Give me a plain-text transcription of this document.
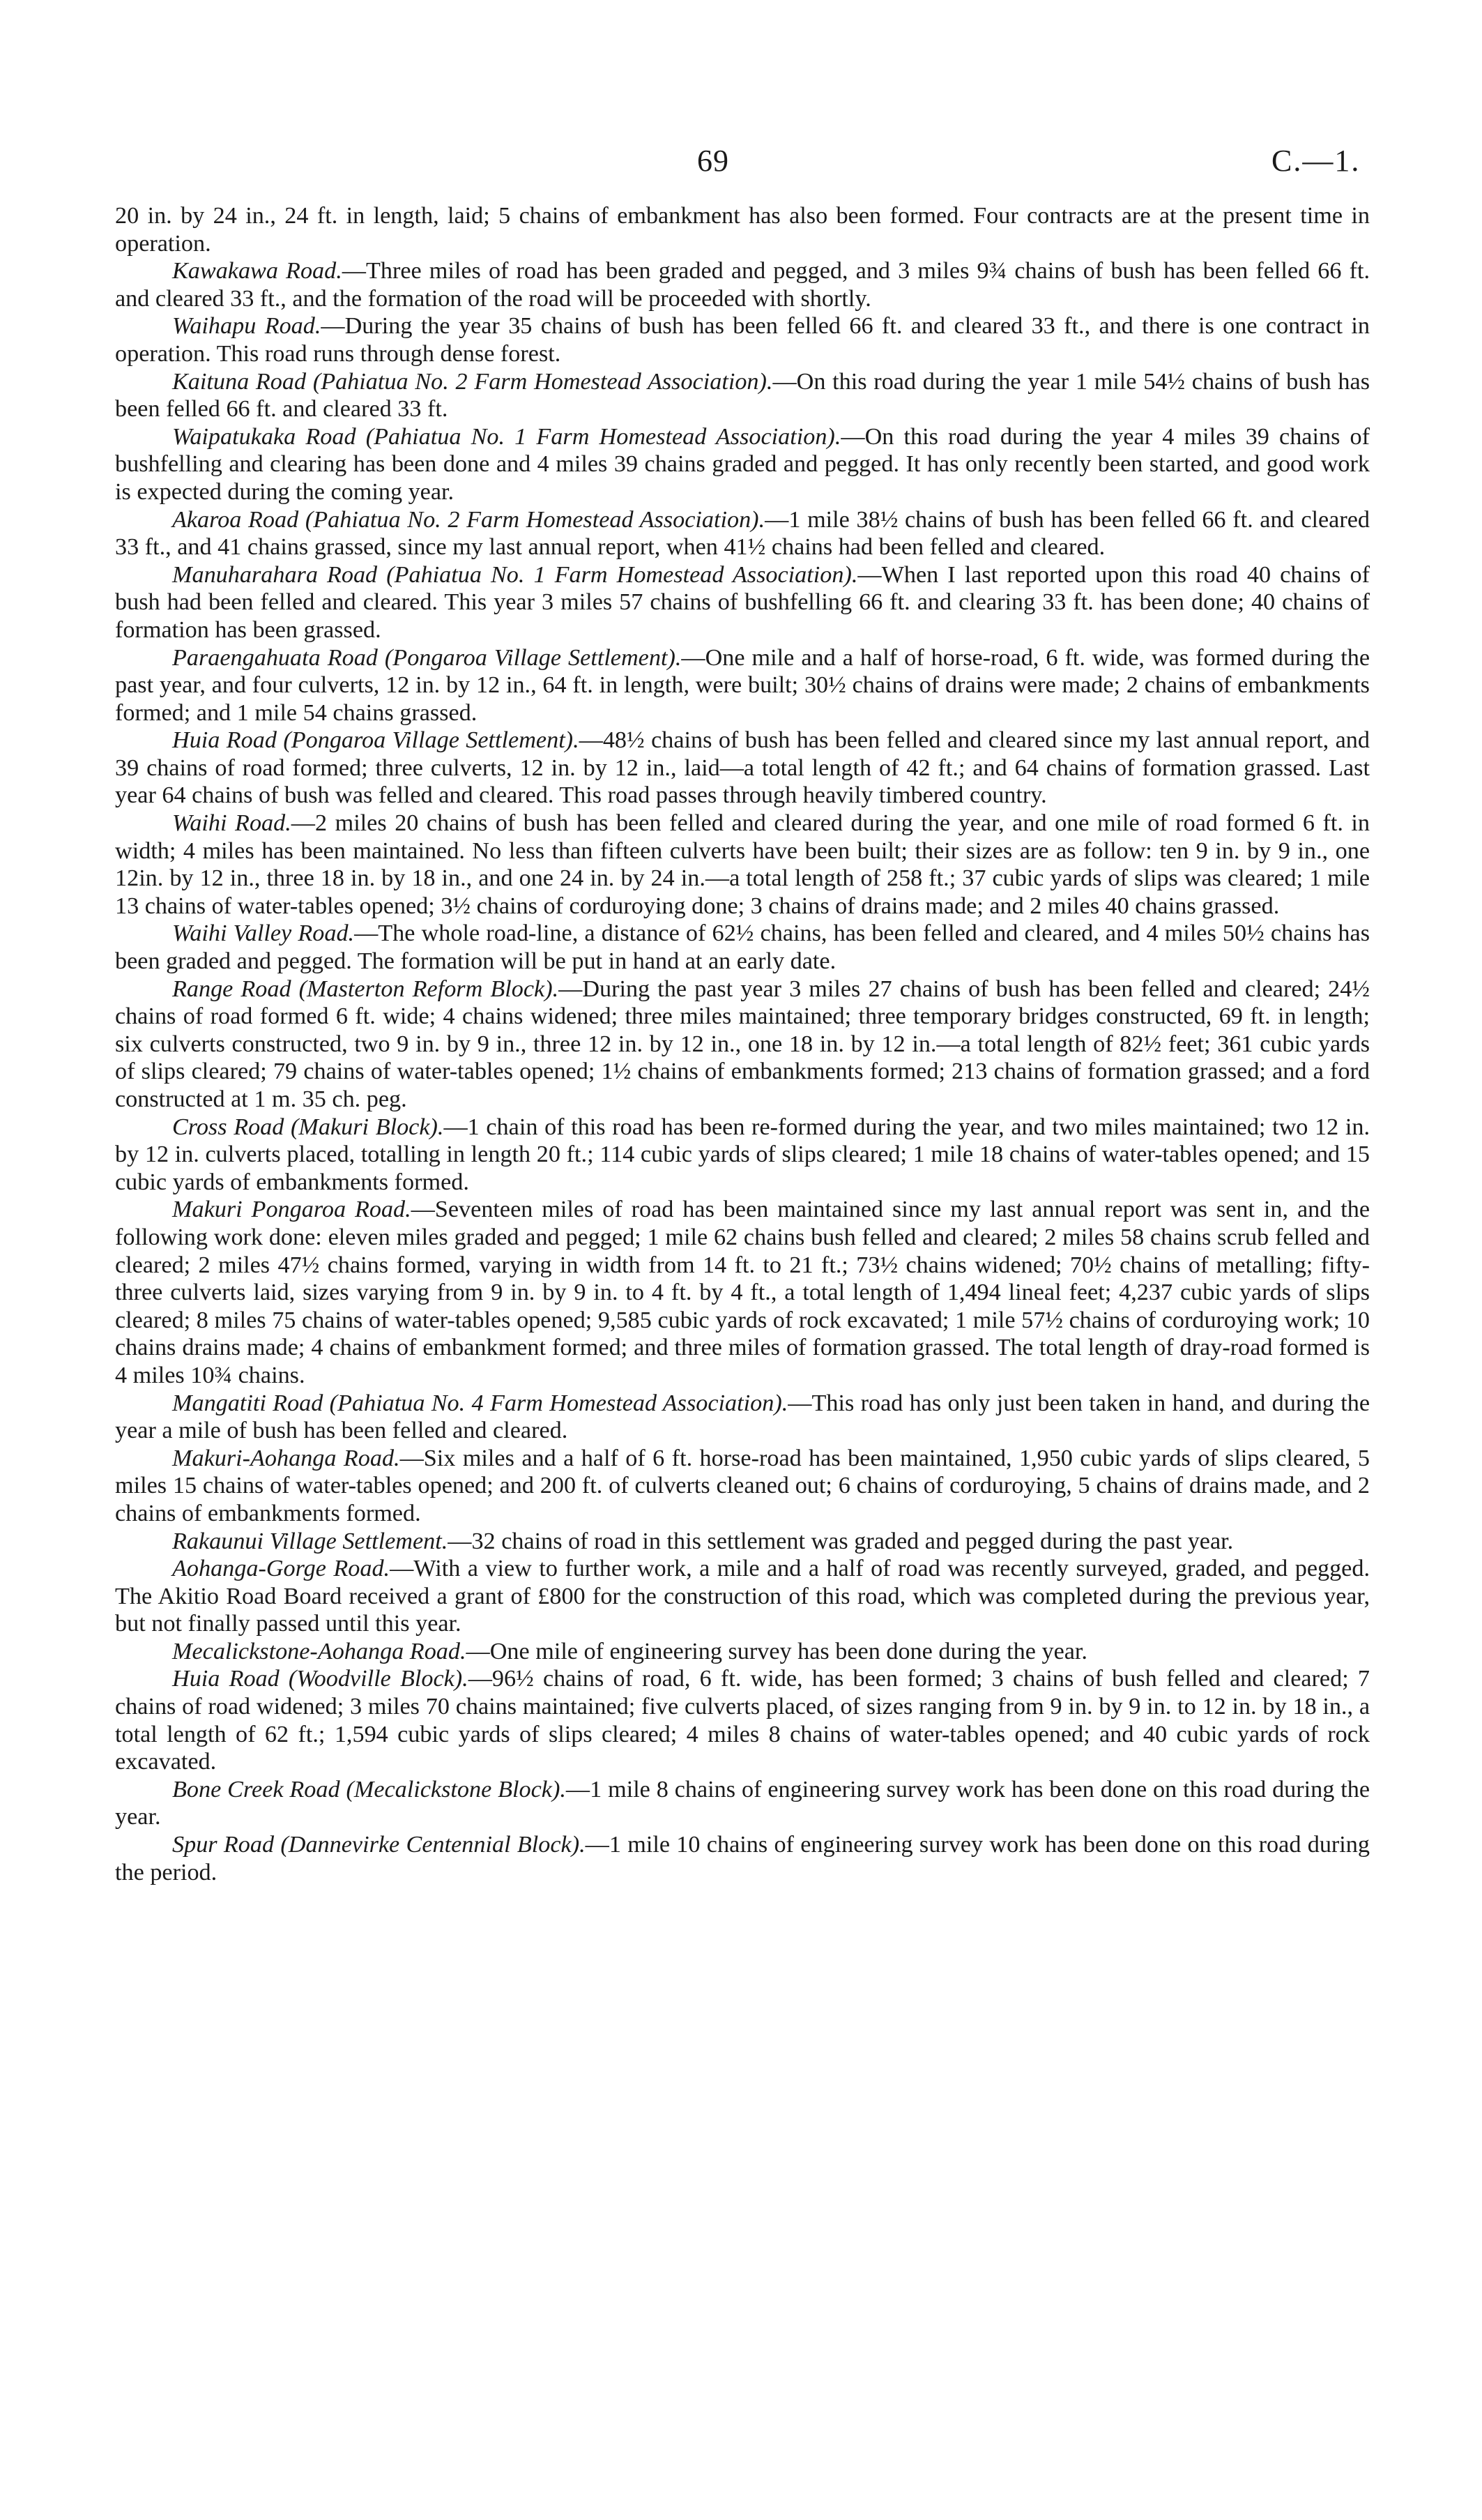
69	C.—1.

20 in. by 24 in., 24 ft. in length, laid; 5 chains of embankment has also been formed. Four contracts are at the present time in operation.

Kawakawa Road.—Three miles of road has been graded and pegged, and 3 miles 9¾ chains of bush has been felled 66 ft. and cleared 33 ft., and the formation of the road will be proceeded with shortly.

Waihapu Road.—During the year 35 chains of bush has been felled 66 ft. and cleared 33 ft., and there is one contract in operation. This road runs through dense forest.

Kaituna Road (Pahiatua No. 2 Farm Homestead Association).—On this road during the year 1 mile 54½ chains of bush has been felled 66 ft. and cleared 33 ft.

Waipatukaka Road (Pahiatua No. 1 Farm Homestead Association).—On this road during the year 4 miles 39 chains of bushfelling and clearing has been done and 4 miles 39 chains graded and pegged. It has only recently been started, and good work is expected during the coming year.

Akaroa Road (Pahiatua No. 2 Farm Homestead Association).—1 mile 38½ chains of bush has been felled 66 ft. and cleared 33 ft., and 41 chains grassed, since my last annual report, when 41½ chains had been felled and cleared.

Manuharahara Road (Pahiatua No. 1 Farm Homestead Association).—When I last reported upon this road 40 chains of bush had been felled and cleared. This year 3 miles 57 chains of bushfelling 66 ft. and clearing 33 ft. has been done; 40 chains of formation has been grassed.

Paraengahuata Road (Pongaroa Village Settlement).—One mile and a half of horse-road, 6 ft. wide, was formed during the past year, and four culverts, 12 in. by 12 in., 64 ft. in length, were built; 30½ chains of drains were made; 2 chains of embankments formed; and 1 mile 54 chains grassed.

Huia Road (Pongaroa Village Settlement).—48½ chains of bush has been felled and cleared since my last annual report, and 39 chains of road formed; three culverts, 12 in. by 12 in., laid—a total length of 42 ft.; and 64 chains of formation grassed. Last year 64 chains of bush was felled and cleared. This road passes through heavily timbered country.

Waihi Road.—2 miles 20 chains of bush has been felled and cleared during the year, and one mile of road formed 6 ft. in width; 4 miles has been maintained. No less than fifteen culverts have been built; their sizes are as follow: ten 9 in. by 9 in., one 12in. by 12 in., three 18 in. by 18 in., and one 24 in. by 24 in.—a total length of 258 ft.; 37 cubic yards of slips was cleared; 1 mile 13 chains of water-tables opened; 3½ chains of corduroying done; 3 chains of drains made; and 2 miles 40 chains grassed.

Waihi Valley Road.—The whole road-line, a distance of 62½ chains, has been felled and cleared, and 4 miles 50½ chains has been graded and pegged. The formation will be put in hand at an early date.

Range Road (Masterton Reform Block).—During the past year 3 miles 27 chains of bush has been felled and cleared; 24½ chains of road formed 6 ft. wide; 4 chains widened; three miles maintained; three temporary bridges constructed, 69 ft. in length; six culverts constructed, two 9 in. by 9 in., three 12 in. by 12 in., one 18 in. by 12 in.—a total length of 82½ feet; 361 cubic yards of slips cleared; 79 chains of water-tables opened; 1½ chains of embankments formed; 213 chains of formation grassed; and a ford constructed at 1 m. 35 ch. peg.

Cross Road (Makuri Block).—1 chain of this road has been re-formed during the year, and two miles maintained; two 12 in. by 12 in. culverts placed, totalling in length 20 ft.; 114 cubic yards of slips cleared; 1 mile 18 chains of water-tables opened; and 15 cubic yards of embankments formed.

Makuri Pongaroa Road.—Seventeen miles of road has been maintained since my last annual report was sent in, and the following work done: eleven miles graded and pegged; 1 mile 62 chains bush felled and cleared; 2 miles 58 chains scrub felled and cleared; 2 miles 47½ chains formed, varying in width from 14 ft. to 21 ft.; 73½ chains widened; 70½ chains of metalling; fifty-three culverts laid, sizes varying from 9 in. by 9 in. to 4 ft. by 4 ft., a total length of 1,494 lineal feet; 4,237 cubic yards of slips cleared; 8 miles 75 chains of water-tables opened; 9,585 cubic yards of rock excavated; 1 mile 57½ chains of corduroying work; 10 chains drains made; 4 chains of embankment formed; and three miles of formation grassed. The total length of dray-road formed is 4 miles 10¾ chains.

Mangatiti Road (Pahiatua No. 4 Farm Homestead Association).—This road has only just been taken in hand, and during the year a mile of bush has been felled and cleared.

Makuri-Aohanga Road.—Six miles and a half of 6 ft. horse-road has been maintained, 1,950 cubic yards of slips cleared, 5 miles 15 chains of water-tables opened; and 200 ft. of culverts cleaned out; 6 chains of corduroying, 5 chains of drains made, and 2 chains of embankments formed.

Rakaunui Village Settlement.—32 chains of road in this settlement was graded and pegged during the past year.

Aohanga-Gorge Road.—With a view to further work, a mile and a half of road was recently surveyed, graded, and pegged. The Akitio Road Board received a grant of £800 for the construction of this road, which was completed during the previous year, but not finally passed until this year.

Mecalickstone-Aohanga Road.—One mile of engineering survey has been done during the year.

Huia Road (Woodville Block).—96½ chains of road, 6 ft. wide, has been formed; 3 chains of bush felled and cleared; 7 chains of road widened; 3 miles 70 chains maintained; five culverts placed, of sizes ranging from 9 in. by 9 in. to 12 in. by 18 in., a total length of 62 ft.; 1,594 cubic yards of slips cleared; 4 miles 8 chains of water-tables opened; and 40 cubic yards of rock excavated.

Bone Creek Road (Mecalickstone Block).—1 mile 8 chains of engineering survey work has been done on this road during the year.

Spur Road (Dannevirke Centennial Block).—1 mile 10 chains of engineering survey work has been done on this road during the period.
